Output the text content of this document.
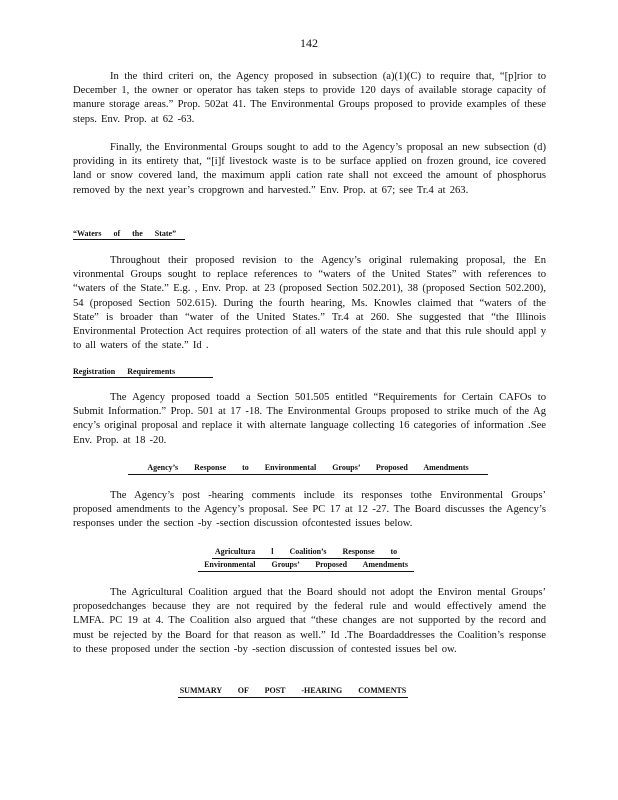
142

In the third criteri on, the Agency proposed in subsection (a)(1)(C) to require that, “[p]rior to December 1, the owner or operator has taken steps to provide 120 days of available storage capacity of manure storage areas.” Prop. 502at 41. The Environmental Groups proposed to provide examples of these steps. Env. Prop. at 62 -63.

Finally, the Environmental Groups sought to add to the Agency’s proposal an new subsection (d) providing in its entirety that, “[i]f livestock waste is to be surface applied on frozen ground, ice covered land or snow covered land, the maximum appli cation rate shall not exceed the amount of phosphorus removed by the next year’s cropgrown and harvested.” Env. Prop. at 67; see Tr.4 at 263.

“Waters of the State”

Throughout their proposed revision to the Agency’s original rulemaking proposal, the En vironmental Groups sought to replace references to “waters of the United States” with references to “waters of the State.” E.g. , Env. Prop. at 23 (proposed Section 502.201), 38 (proposed Section 502.200), 54 (proposed Section 502.615). During the fourth hearing, Ms. Knowles claimed that “waters of the State” is broader than “water of the United States.” Tr.4 at 260. She suggested that “the Illinois Environmental Protection Act requires protection of all waters of the state and that this rule should appl y to all waters of the state.” Id .

Registration Requirements

The Agency proposed toadd a Section 501.505 entitled “Requirements for Certain CAFOs to Submit Information.” Prop. 501 at 17 -18. The Environmental Groups proposed to strike much of the Ag ency’s original proposal and replace it with alternate language collecting 16 categories of information .See Env. Prop. at 18 -20.

Agency’s Response to Environmental Groups’ Proposed Amendments

The Agency’s post -hearing comments include its responses tothe Environmental Groups’ proposed amendments to the Agency’s proposal. See PC 17 at 12 -27. The Board discusses the Agency’s responses under the section -by -section discussion ofcontested issues below.

Agricultura l Coalition’s Response to
Environmental Groups’ Proposed Amendments

The Agricultural Coalition argued that the Board should not adopt the Environ mental Groups’ proposedchanges because they are not required by the federal rule and would effectively amend the LMFA. PC 19 at 4. The Coalition also argued that “these changes are not supported by the record and must be rejected by the Board for that reason as well.” Id .The Boardaddresses the Coalition’s response to these proposed under the section -by -section discussion of contested issues bel ow.

SUMMARY OF POST -HEARING COMMENTS
